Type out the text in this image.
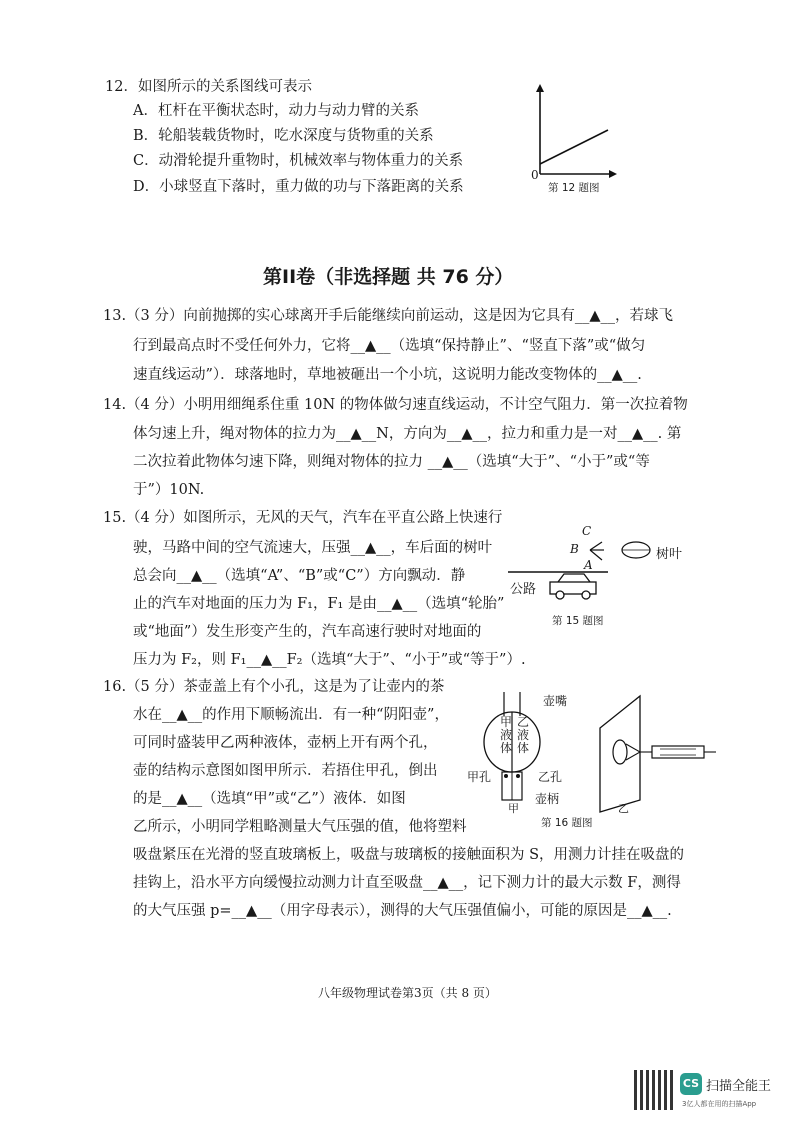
12．如图所示的关系图线可表示
A．杠杆在平衡状态时，动力与动力臂的关系
B．轮船装载货物时，吃水深度与货物重的关系
C．动滑轮提升重物时，机械效率与物体重力的关系
D．小球竖直下落时，重力做的功与下落距离的关系
0
第 12 题图
第II卷（非选择题 共 76 分）
13.（3 分）向前抛掷的实心球离开手后能继续向前运动，这是因为它具有__▲__，若球飞
行到最高点时不受任何外力，它将__▲__（选填“保持静止”、“竖直下落”或“做匀
速直线运动”）．球落地时，草地被砸出一个小坑，这说明力能改变物体的__▲__.
14.（4 分）小明用细绳系住重 10N 的物体做匀速直线运动，不计空气阻力．第一次拉着物
体匀速上升，绳对物体的拉力为__▲__N，方向为__▲__，拉力和重力是一对__▲__. 第
二次拉着此物体匀速下降，则绳对物体的拉力 __▲__（选填“大于”、“小于”或“等
于”）10N.
15.（4 分）如图所示，无风的天气，汽车在平直公路上快速行
驶，马路中间的空气流速大，压强__▲__，车后面的树叶
总会向__▲__（选填“A”、“B”或“C”）方向飘动．静
止的汽车对地面的压力为 F₁，F₁ 是由__▲__（选填“轮胎”
或“地面”）发生形变产生的，汽车高速行驶时对地面的
压力为 F₂，则 F₁__▲__F₂（选填“大于”、“小于”或“等于”）.
C
B
A
树叶
公路
第 15 题图
16.（5 分）茶壶盖上有个小孔，这是为了让壶内的茶
水在__▲__的作用下顺畅流出．有一种“阴阳壶”，
可同时盛装甲乙两种液体，壶柄上开有两个孔，
壶的结构示意图如图甲所示．若捂住甲孔，倒出
的是__▲__（选填“甲”或“乙”）液体．如图
乙所示，小明同学粗略测量大气压强的值，他将塑料
吸盘紧压在光滑的竖直玻璃板上，吸盘与玻璃板的接触面积为 S，用测力计挂在吸盘的
挂钩上，沿水平方向缓慢拉动测力计直至吸盘__▲__，记下测力计的最大示数 F，测得
的大气压强 p=__▲__（用字母表示），测得的大气压强值偏小，可能的原因是__▲__.
壶嘴
甲液体
乙液体
甲孔	乙孔
壶柄
甲	乙
第 16 题图
八年级物理试卷第3页（共 8 页）
CS 扫描全能王
3亿人都在用的扫描App
